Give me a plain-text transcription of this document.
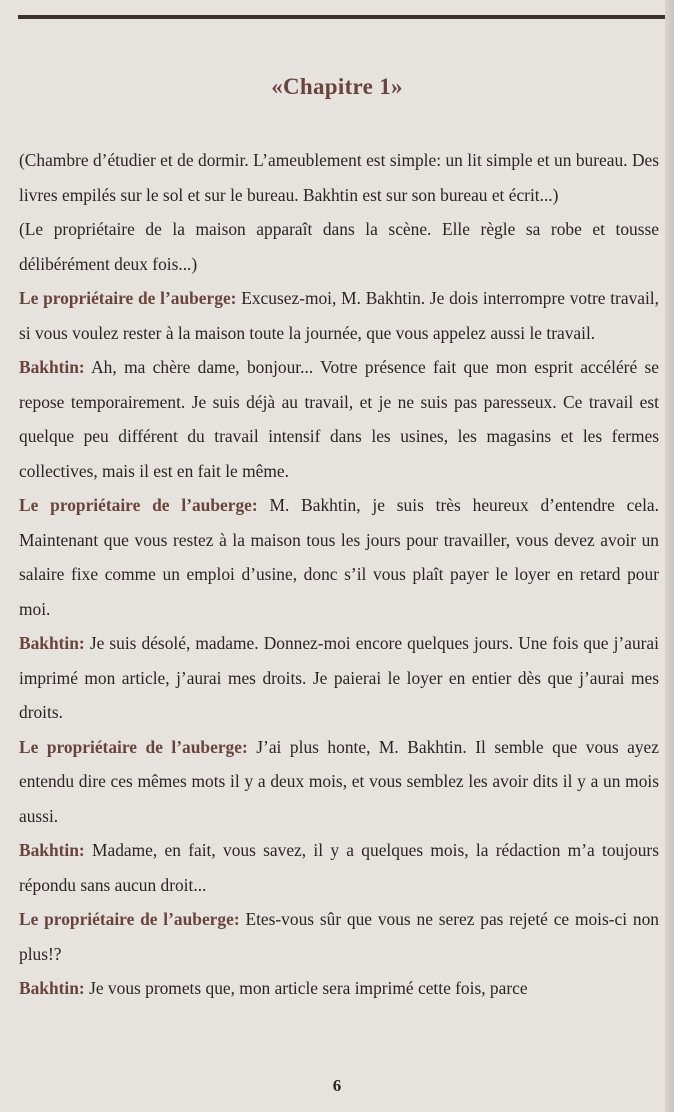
«Chapitre 1»

(Chambre d’étudier et de dormir. L’ameublement est simple: un lit simple et un bureau. Des livres empilés sur le sol et sur le bureau. Bakhtin est sur son bureau et écrit...)

(Le propriétaire de la maison apparaît dans la scène. Elle règle sa robe et tousse délibérément deux fois...)

Le propriétaire de l’auberge: Excusez-moi, M. Bakhtin. Je dois interrompre votre travail, si vous voulez rester à la maison toute la journée, que vous appelez aussi le travail.

Bakhtin: Ah, ma chère dame, bonjour... Votre présence fait que mon esprit accéléré se repose temporairement. Je suis déjà au travail, et je ne suis pas paresseux. Ce travail est quelque peu différent du travail intensif dans les usines, les magasins et les fermes collectives, mais il est en fait le même.

Le propriétaire de l’auberge: M. Bakhtin, je suis très heureux d’entendre cela. Maintenant que vous restez à la maison tous les jours pour travailler, vous devez avoir un salaire fixe comme un emploi d’usine, donc s’il vous plaît payer le loyer en retard pour moi.

Bakhtin: Je suis désolé, madame. Donnez-moi encore quelques jours. Une fois que j’aurai imprimé mon article, j’aurai mes droits. Je paierai le loyer en entier dès que j’aurai mes droits.

Le propriétaire de l’auberge: J’ai plus honte, M. Bakhtin. Il semble que vous ayez entendu dire ces mêmes mots il y a deux mois, et vous semblez les avoir dits il y a un mois aussi.

Bakhtin: Madame, en fait, vous savez, il y a quelques mois, la rédaction m’a toujours répondu sans aucun droit...

Le propriétaire de l’auberge: Etes-vous sûr que vous ne serez pas rejeté ce mois-ci non plus!?

Bakhtin: Je vous promets que, mon article sera imprimé cette fois, parce

6
